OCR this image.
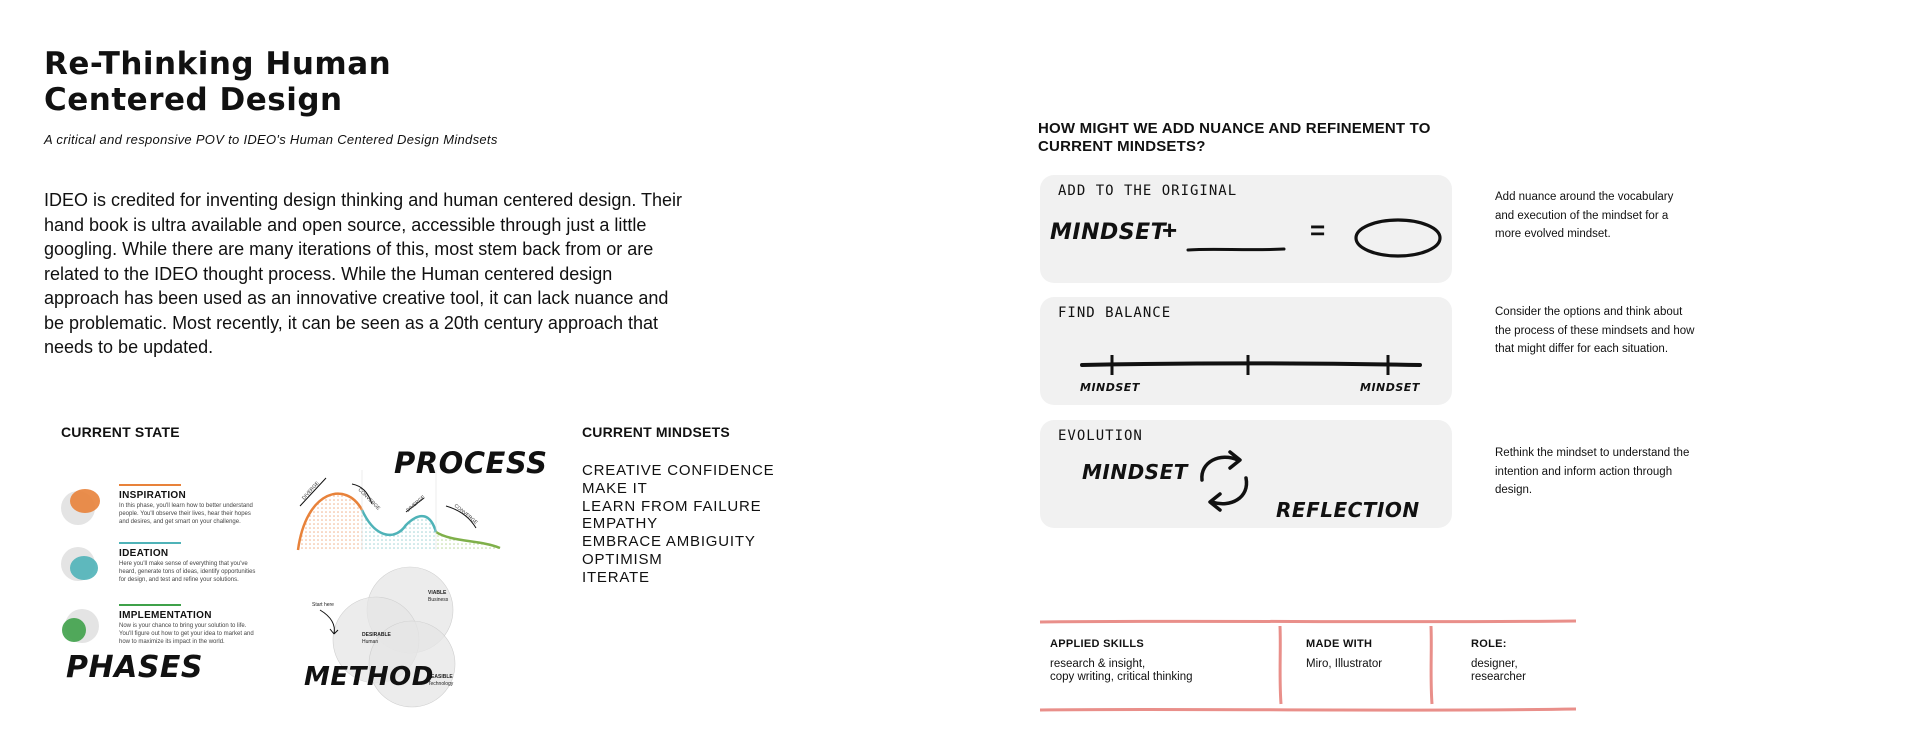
Re-Thinking Human
Centered Design
A critical and responsive POV to IDEO's Human Centered Design Mindsets

IDEO is credited for inventing design thinking and human centered design. Their hand book is ultra available and open source, accessible through just a little googling. While there are many iterations of this, most stem back from or are related to the IDEO thought process. While the Human centered design approach has been used as an innovative creative tool, it can lack nuance and be problematic. Most recently, it can be seen as a 20th century approach that needs to be updated.

CURRENT STATE
INSPIRATION
In this phase, you'll learn how to better understand people. You'll observe their lives, hear their hopes and desires, and get smart on your challenge.
IDEATION
Here you'll make sense of everything that you've heard, generate tons of ideas, identify opportunities for design, and test and refine your solutions.
IMPLEMENTATION
Now is your chance to bring your solution to life. You'll figure out how to get your idea to market and how to maximize its impact in the world.
PHASES
PROCESS
DIVERGE	CONVERGE	DIVERGE	CONVERGE
Start here
VIABLE
Business
DESIRABLE
Human
FEASIBLE
Technology
METHOD
CURRENT MINDSETS
CREATIVE CONFIDENCE
MAKE IT
LEARN FROM FAILURE
EMPATHY
EMBRACE AMBIGUITY
OPTIMISM
ITERATE

HOW MIGHT WE ADD NUANCE AND REFINEMENT TO CURRENT MINDSETS?

ADD TO THE ORIGINAL
MINDSET
+	=
Add nuance around the vocabulary and execution of the mindset for a more evolved mindset.
FIND BALANCE
MINDSET	MINDSET
Consider the options and think about the process of these mindsets and how that might differ for each situation.
EVOLUTION
MINDSET
REFLECTION
Rethink the mindset to understand the intention and inform action through design.
APPLIED SKILLS
research & insight,
copy writing, critical thinking
MADE WITH
Miro, Illustrator
ROLE:
designer,
researcher
